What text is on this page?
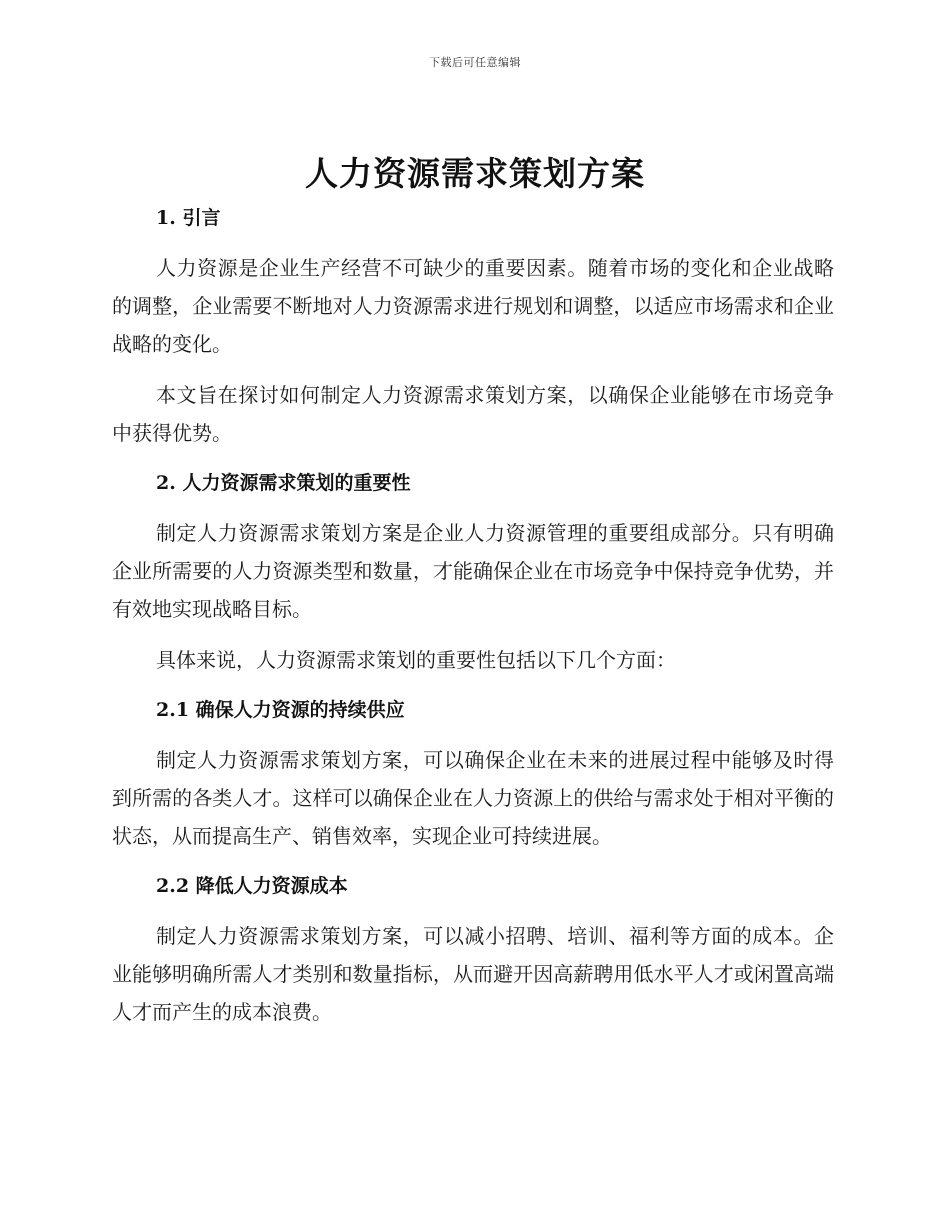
下载后可任意编辑
人力资源需求策划方案
1. 引言

人力资源是企业生产经营不可缺少的重要因素。随着市场的变化和企业战略的调整，企业需要不断地对人力资源需求进行规划和调整，以适应市场需求和企业战略的变化。

本文旨在探讨如何制定人力资源需求策划方案，以确保企业能够在市场竞争中获得优势。

2. 人力资源需求策划的重要性

制定人力资源需求策划方案是企业人力资源管理的重要组成部分。只有明确企业所需要的人力资源类型和数量，才能确保企业在市场竞争中保持竞争优势，并有效地实现战略目标。

具体来说，人力资源需求策划的重要性包括以下几个方面：

2.1 确保人力资源的持续供应

制定人力资源需求策划方案，可以确保企业在未来的进展过程中能够及时得到所需的各类人才。这样可以确保企业在人力资源上的供给与需求处于相对平衡的状态，从而提高生产、销售效率，实现企业可持续进展。

2.2 降低人力资源成本

制定人力资源需求策划方案，可以减小招聘、培训、福利等方面的成本。企业能够明确所需人才类别和数量指标，从而避开因高薪聘用低水平人才或闲置高端人才而产生的成本浪费。
